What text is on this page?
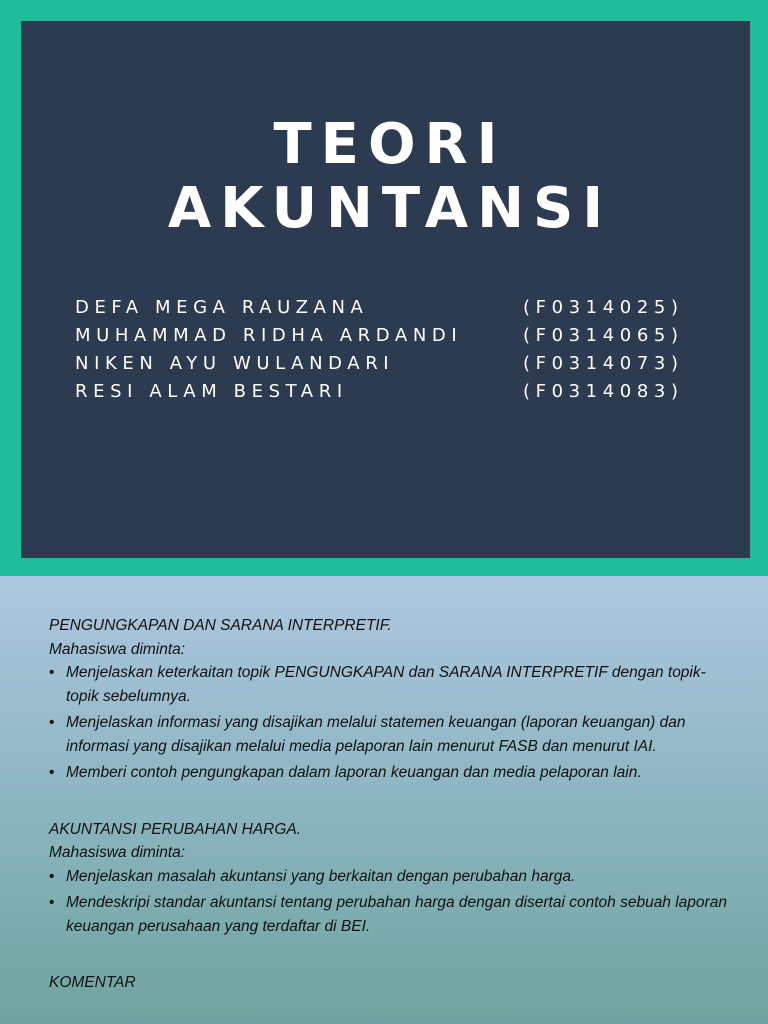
TEORI
AKUNTANSI
DEFA MEGA RAUZANA	(F0314025)
MUHAMMAD RIDHA ARDANDI	(F0314065)
NIKEN AYU WULANDARI	(F0314073)
RESI ALAM BESTARI	(F0314083)

PENGUNGKAPAN DAN SARANA INTERPRETIF.

Mahasiswa diminta:

• Menjelaskan keterkaitan topik PENGUNGKAPAN dan SARANA INTERPRETIF dengan topik-topik sebelumnya.
• Menjelaskan informasi yang disajikan melalui statemen keuangan (laporan keuangan) dan informasi yang disajikan melalui media pelaporan lain menurut FASB dan menurut IAI.
• Memberi contoh pengungkapan dalam laporan keuangan dan media pelaporan lain.

AKUNTANSI PERUBAHAN HARGA.

Mahasiswa diminta:

• Menjelaskan masalah akuntansi yang berkaitan dengan perubahan harga.
• Mendeskripi standar akuntansi tentang perubahan harga dengan disertai contoh sebuah laporan keuangan perusahaan yang terdaftar di BEI.

KOMENTAR
